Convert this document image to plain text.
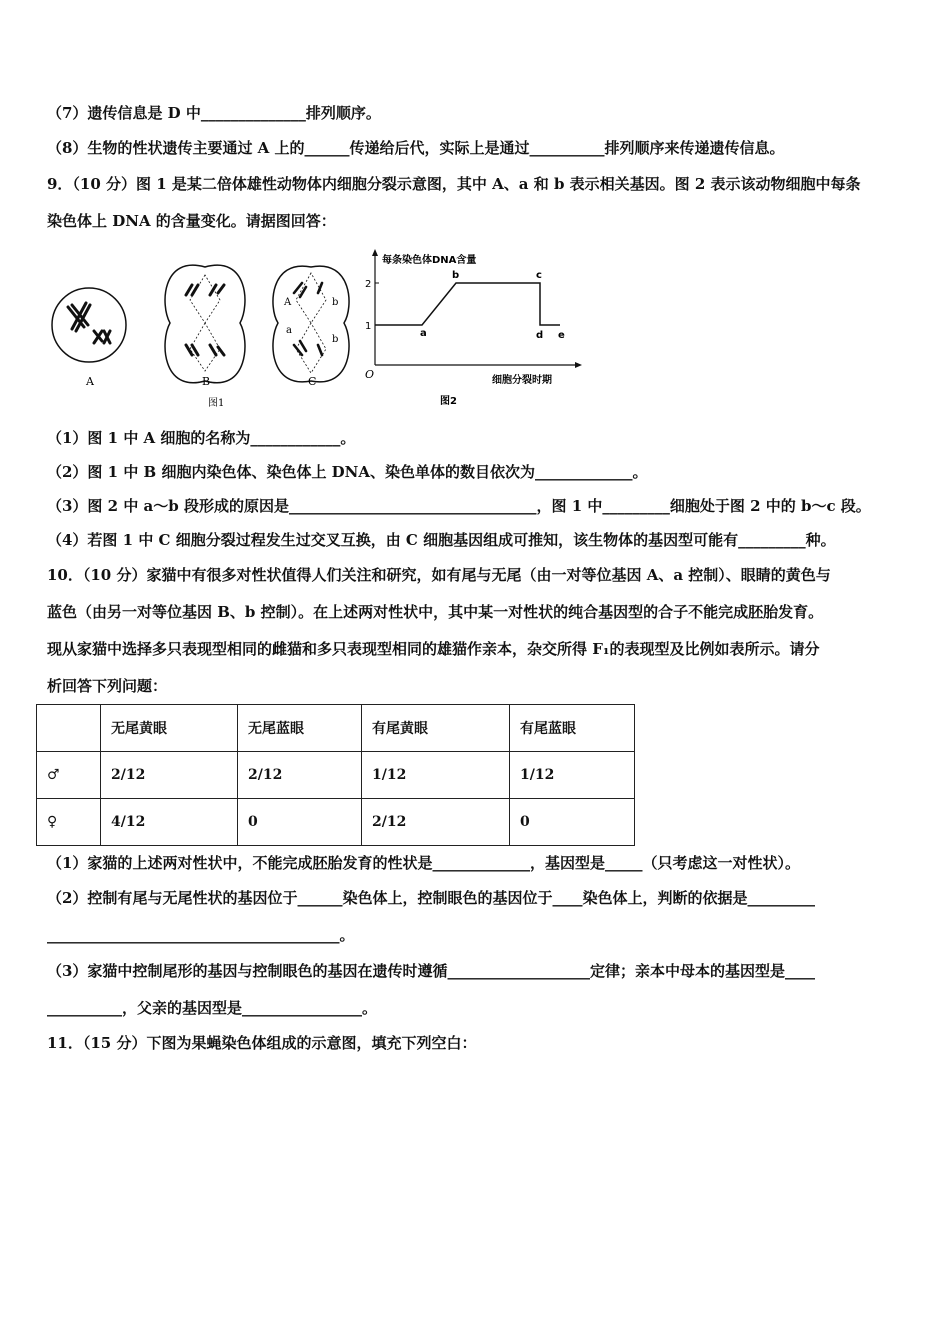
（7）遗传信息是 D 中______________排列顺序。
（8）生物的性状遗传主要通过 A 上的______传递给后代，实际上是通过__________排列顺序来传递遗传信息。
9．（10 分）图 1 是某二倍体雄性动物体内细胞分裂示意图，其中 A、a 和 b 表示相关基因。图 2 表示该动物细胞中每条
染色体上 DNA 的含量变化。请据图回答：
A	B
A
a
b
b
C
图1
每条染色体DNA含量
细胞分裂时期
O
1
2
a
b	c
d e
图2
（1）图 1 中 A 细胞的名称为____________。
（2）图 1 中 B 细胞内染色体、染色体上 DNA、染色单体的数目依次为_____________。
（3）图 2 中 a～b 段形成的原因是_________________________________，图 1 中_________细胞处于图 2 中的 b～c 段。
（4）若图 1 中 C 细胞分裂过程发生过交叉互换，由 C 细胞基因组成可推知，该生物体的基因型可能有_________种。
10．（10 分）家猫中有很多对性状值得人们关注和研究，如有尾与无尾（由一对等位基因 A、a 控制）、眼睛的黄色与
蓝色（由另一对等位基因 B、b 控制）。在上述两对性状中，其中某一对性状的纯合基因型的合子不能完成胚胎发育。
现从家猫中选择多只表现型相同的雌猫和多只表现型相同的雄猫作亲本，杂交所得 F₁的表现型及比例如表所示。请分
析回答下列问题：
	无尾黄眼	无尾蓝眼	有尾黄眼	有尾蓝眼
♂	2/12	2/12	1/12	1/12
♀	4/12	0	2/12	0
（1）家猫的上述两对性状中，不能完成胚胎发育的性状是_____________，基因型是_____（只考虑这一对性状）。
（2）控制有尾与无尾性状的基因位于______染色体上，控制眼色的基因位于____染色体上，判断的依据是_________
_______________________________________。
（3）家猫中控制尾形的基因与控制眼色的基因在遗传时遵循___________________定律；亲本中母本的基因型是____
__________，父亲的基因型是________________。
11．（15 分）下图为果蝇染色体组成的示意图，填充下列空白：
